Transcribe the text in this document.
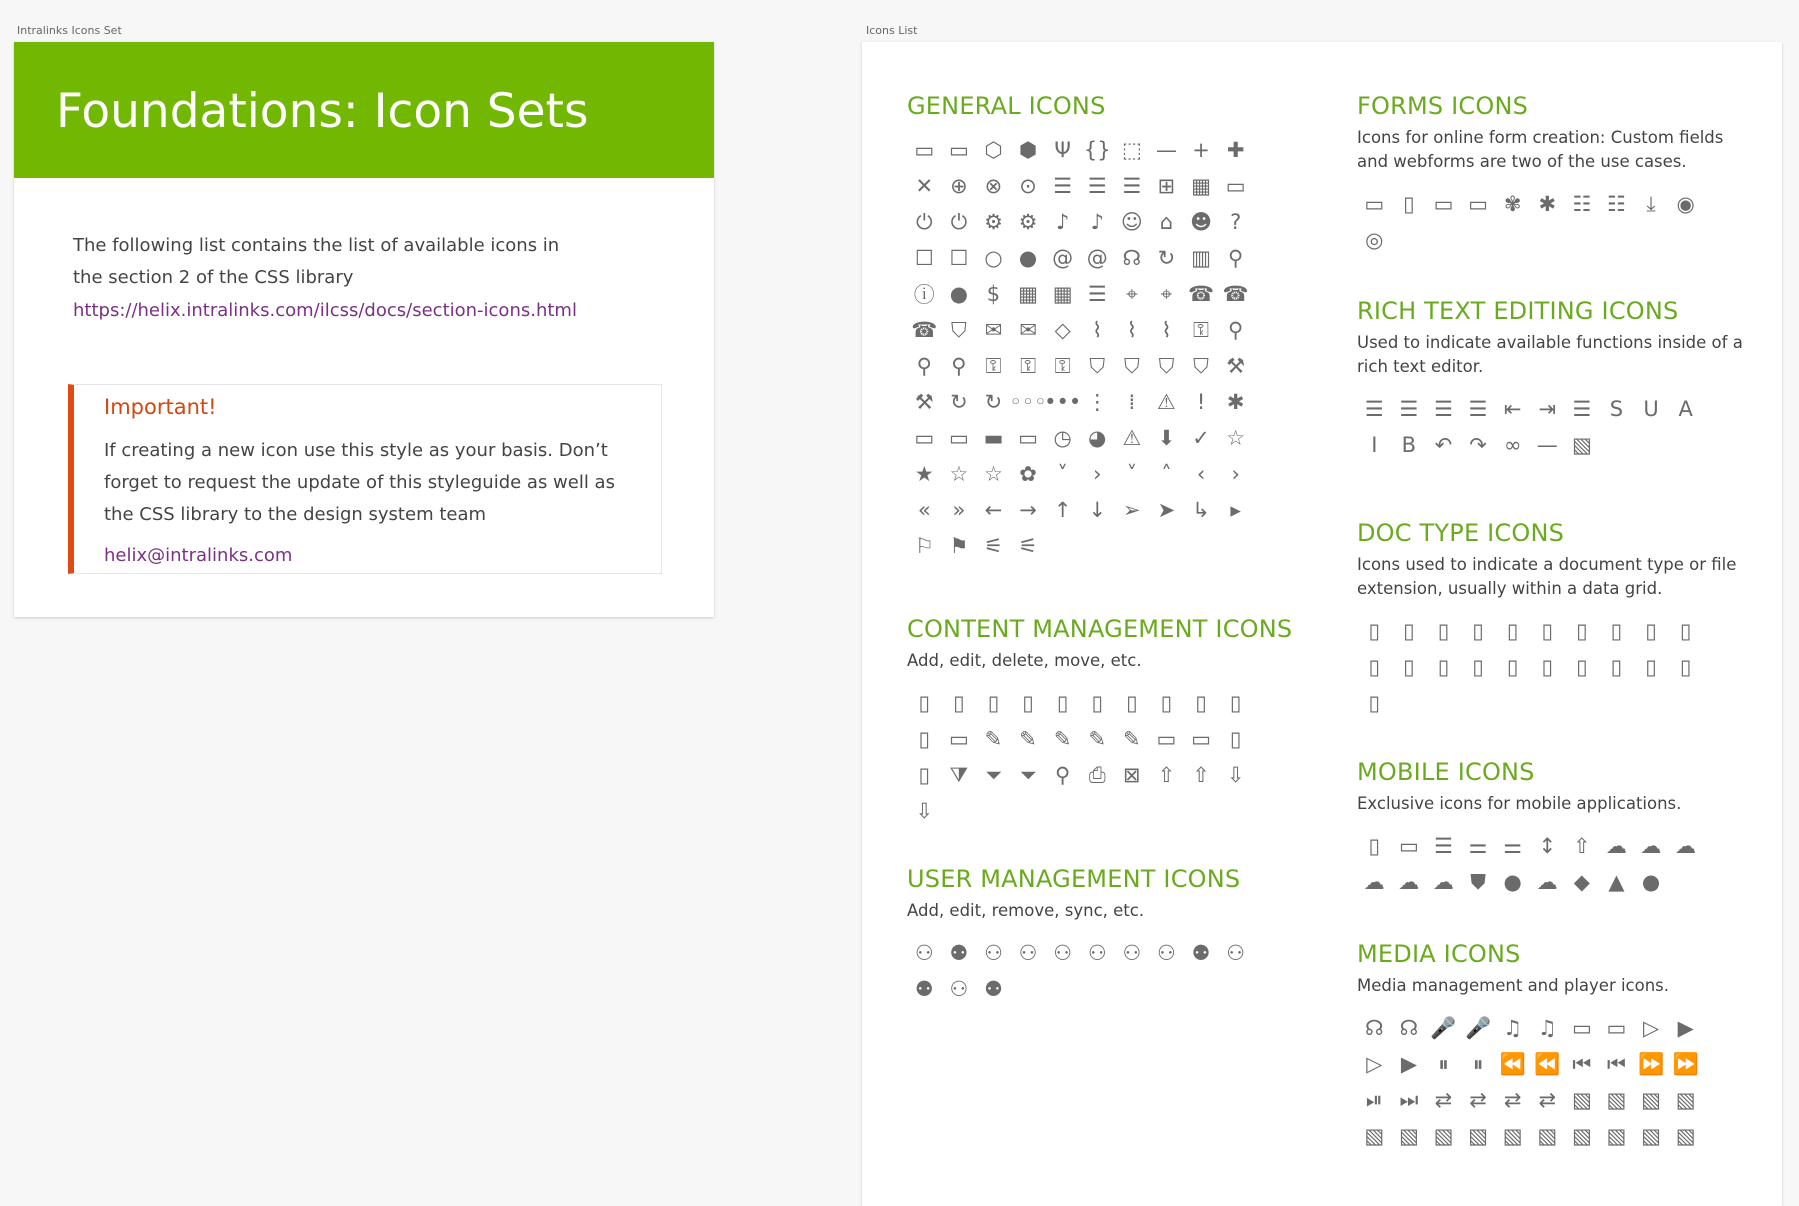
Intralinks Icons Set	Icons List
Foundations: Icon Sets

The following list contains the list of available icons in the section 2 of the CSS library

https://helix.intralinks.com/ilcss/docs/section-icons.html
Important!

If creating a new icon use this style as your basis. Don’t forget to request the update of this styleguide as well as the CSS library to the design system team

helix@intralinks.com
GENERAL ICONS
▭ ▭ ⬡ ⬢ Ψ {} ⬚ — + ✚
✕ ⊕ ⊗ ⊙ ☰ ☰ ☰ ⊞ ▦ ▭
⏻ ⏻ ⚙ ⚙ ♪ ♪ ☺ ⌂ ☻ ?
☐ ☐ ○ ● @ @ ☊ ↻ ▥ ⚲
ⓘ ● $ ▦ ▦ ☰ ⌖ ⌖ ☎ ☎
☎ ⛉ ✉ ✉ ◇ ⌇ ⌇ ⌇ ⚿ ⚲
⚲ ⚲ ⚿ ⚿ ⚿ ⛉ ⛉ ⛉ ⛉ ⚒
⚒ ↻ ↻ ◦◦◦
••• ⋮ ⁞ ⚠ ! ✱
▭ ▭ ▬ ▭ ◷ ◕ ⚠ ⬇ ✓ ☆
★ ☆ ☆ ✿ ˅ › ˅ ˄ ‹ ›
« » ← → ↑ ↓ ➢ ➤ ↳ ▸
⚐ ⚑ ⚟ ⚟
CONTENT MANAGEMENT ICONS

Add, edit, delete, move, etc.

▯ ▯ ▯ ▯ ▯ ▯ ▯ ▯ ▯ ▯
▯ ▭ ✎ ✎ ✎ ✎ ✎ ▭ ▭ ▯
▯ ⧩ ⏷ ⏷ ⚲ ⎙ ⊠ ⇧ ⇧ ⇩
⇩
USER MANAGEMENT ICONS

Add, edit, remove, sync, etc.

⚇ ⚉ ⚇ ⚇ ⚇ ⚇ ⚇ ⚇ ⚉ ⚇
⚉ ⚇ ⚉
FORMS ICONS

Icons for online form creation: Custom fields and webforms are two of the use cases.

▭ ▯ ▭ ▭ ✾ ✱ ☷ ☷ ⤓ ◉
◎
RICH TEXT EDITING ICONS

Used to indicate available functions inside of a rich text editor.

☰ ☰ ☰ ☰ ⇤ ⇥ ☰ S U A
I B ↶ ↷ ∞ — ▧
DOC TYPE ICONS

Icons used to indicate a document type or file extension, usually within a data grid.

▯ ▯ ▯ ▯ ▯ ▯ ▯ ▯ ▯ ▯
▯ ▯ ▯ ▯ ▯ ▯ ▯ ▯ ▯ ▯
▯
MOBILE ICONS

Exclusive icons for mobile applications.

▯ ▭ ☰ ⚌ ⚌ ↕ ⇧ ☁ ☁ ☁
☁ ☁ ☁ ⛊ ● ☁ ◆ ▲ ●
MEDIA ICONS

Media management and player icons.

☊ ☊ 🎤 🎤 ♫ ♫ ▭ ▭ ▷ ▶
▷ ▶ ⏸ ⏸ ⏪ ⏪ ⏮ ⏮ ⏩ ⏩
⏯ ⏭ ⇄ ⇄ ⇄ ⇄ ▧ ▧ ▧ ▧
▧ ▧ ▧ ▧ ▧ ▧ ▧ ▧ ▧ ▧
